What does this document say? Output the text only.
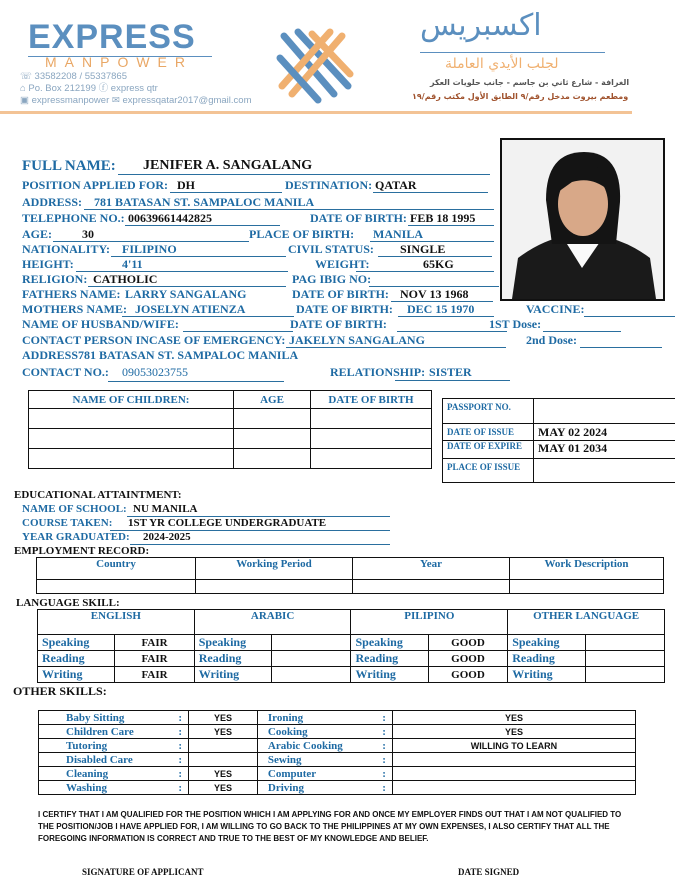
EXPRESS
MANPOWER
☏ 33582208 / 55337865
⌂ Po. Box 212199 ⓕ express qtr
▣ expressmanpower ✉ expressqatar2017@gmail.com
اكسبريس
لجلب الأيدي العاملة
الغرافة - شارع ثاني بن جاسم - جانب حلويات العكر
ومطعم بيروت مدخل رقم/٩ الطابق الأول مكتب رقم/١٩
FULL NAME: JENIFER A. SANGALANG
POSITION APPLIED FOR: DH	DESTINATION: QATAR
ADDRESS: 781 BATASAN ST. SAMPALOC MANILA
TELEPHONE NO.: 00639661442825	DATE OF BIRTH: FEB 18 1995
AGE:	30	PLACE OF BIRTH: MANILA
NATIONALITY: FILIPINO	CIVIL STATUS: SINGLE
HEIGHT:	4'11	WEIGHT:	65KG
RELIGION: CATHOLIC	PAG IBIG NO:
FATHERS NAME: LARRY SANGALANG	DATE OF BIRTH: NOV 13 1968
MOTHERS NAME: JOSELYN ATIENZA	DATE OF BIRTH: DEC 15 1970	VACCINE:
NAME OF HUSBAND/WIFE:	DATE OF BIRTH:	1ST Dose:
CONTACT PERSON INCASE OF EMERGENCY: JAKELYN SANGALANG	2nd Dose:
ADDRESS781 BATASAN ST. SAMPALOC MANILA
CONTACT NO.: 09053023755	RELATIONSHIP: SISTER
NAME OF CHILDREN:	AGE	DATE OF BIRTH

PASSPORT NO.	
DATE OF ISSUE	MAY 02 2024
DATE OF EXPIRE	MAY 01 2034
PLACE OF ISSUE	
EDUCATIONAL ATTAINTMENT:
NAME OF SCHOOL: NU MANILA
COURSE TAKEN: 1ST YR COLLEGE UNDERGRADUATE
YEAR GRADUATED: 2024-2025
EMPLOYMENT RECORD:
Country	Working Period	Year	Work Description

LANGUAGE SKILL:
ENGLISH		ARABIC		PILIPINO		OTHER LANGUAGE	
Speaking	FAIR	Speaking		Speaking	GOOD	Speaking	
Reading	FAIR	Reading		Reading	GOOD	Reading	
Writing	FAIR	Writing		Writing	GOOD	Writing	
OTHER SKILLS:
Baby Sitting :	YES	Ironing :	YES
Children Care :	YES	Cooking :	YES
Tutoring :		Arabic Cooking :	WILLING TO LEARN
Disabled Care :		Sewing :	

Cleaning :	YES	Computer :	

Washing :	YES	Driving :	

I CERTIFY THAT I AM QUALIFIED FOR THE POSITION WHICH I AM APPLYING FOR AND ONCE MY EMPLOYER FINDS OUT THAT I AM NOT QUALIFIED TO THE POSITION/JOB I HAVE APPLIED FOR, I AM WILLING TO GO BACK TO THE PHILIPPINES AT MY OWN EXPENSES, I ALSO CERTIFY THAT ALL THE FOREGOING INFORMATION IS CORRECT AND TRUE TO THE BEST OF MY KNOWLEDGE AND BELIEF.
SIGNATURE OF APPLICANT	DATE SIGNED
